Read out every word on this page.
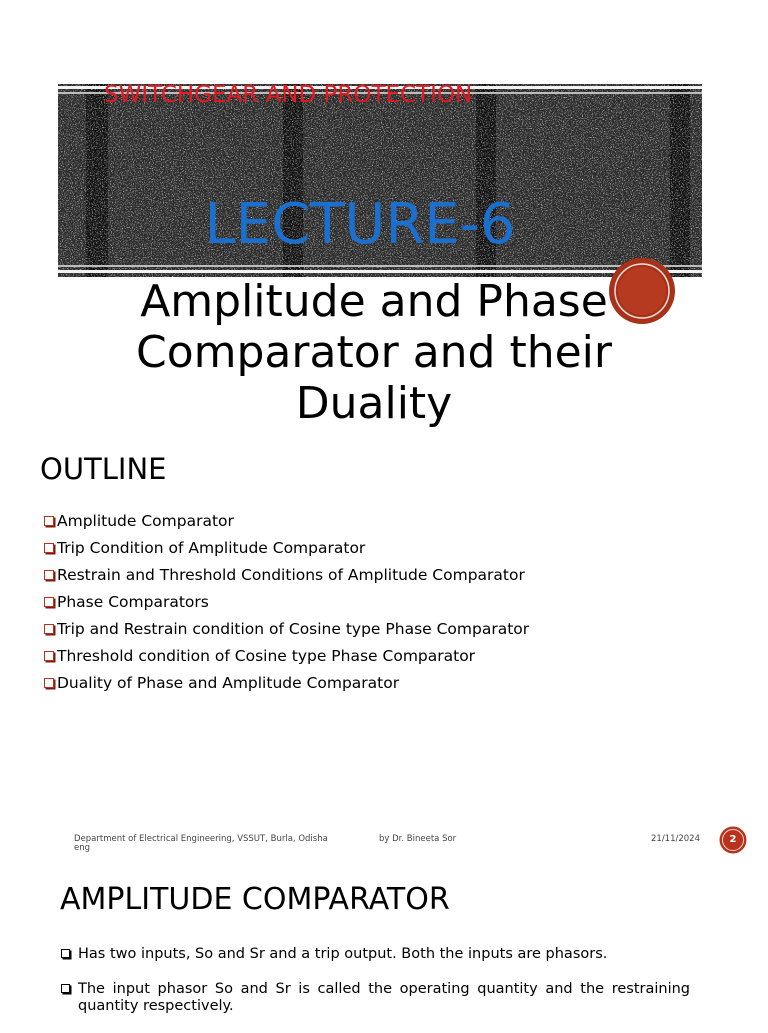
SWITCHGEAR AND PROTECTION
LECTURE-6
Amplitude and Phase Comparator and their Duality
OUTLINE
Amplitude Comparator
Trip Condition of Amplitude Comparator
Restrain and Threshold Conditions of Amplitude Comparator
Phase Comparators
Trip and Restrain condition of Cosine type Phase Comparator
Threshold condition of Cosine type Phase Comparator
Duality of Phase and Amplitude Comparator
Department of Electrical Engineering, VSSUT, Burla, Odisha
eng
by Dr. Bineeta Sor	21/11/2024	2
AMPLITUDE COMPARATOR
Has two inputs, So and Sr and a trip output. Both the inputs are phasors.
The input phasor So and Sr is called the operating quantity and the restraining quantity respectively.
